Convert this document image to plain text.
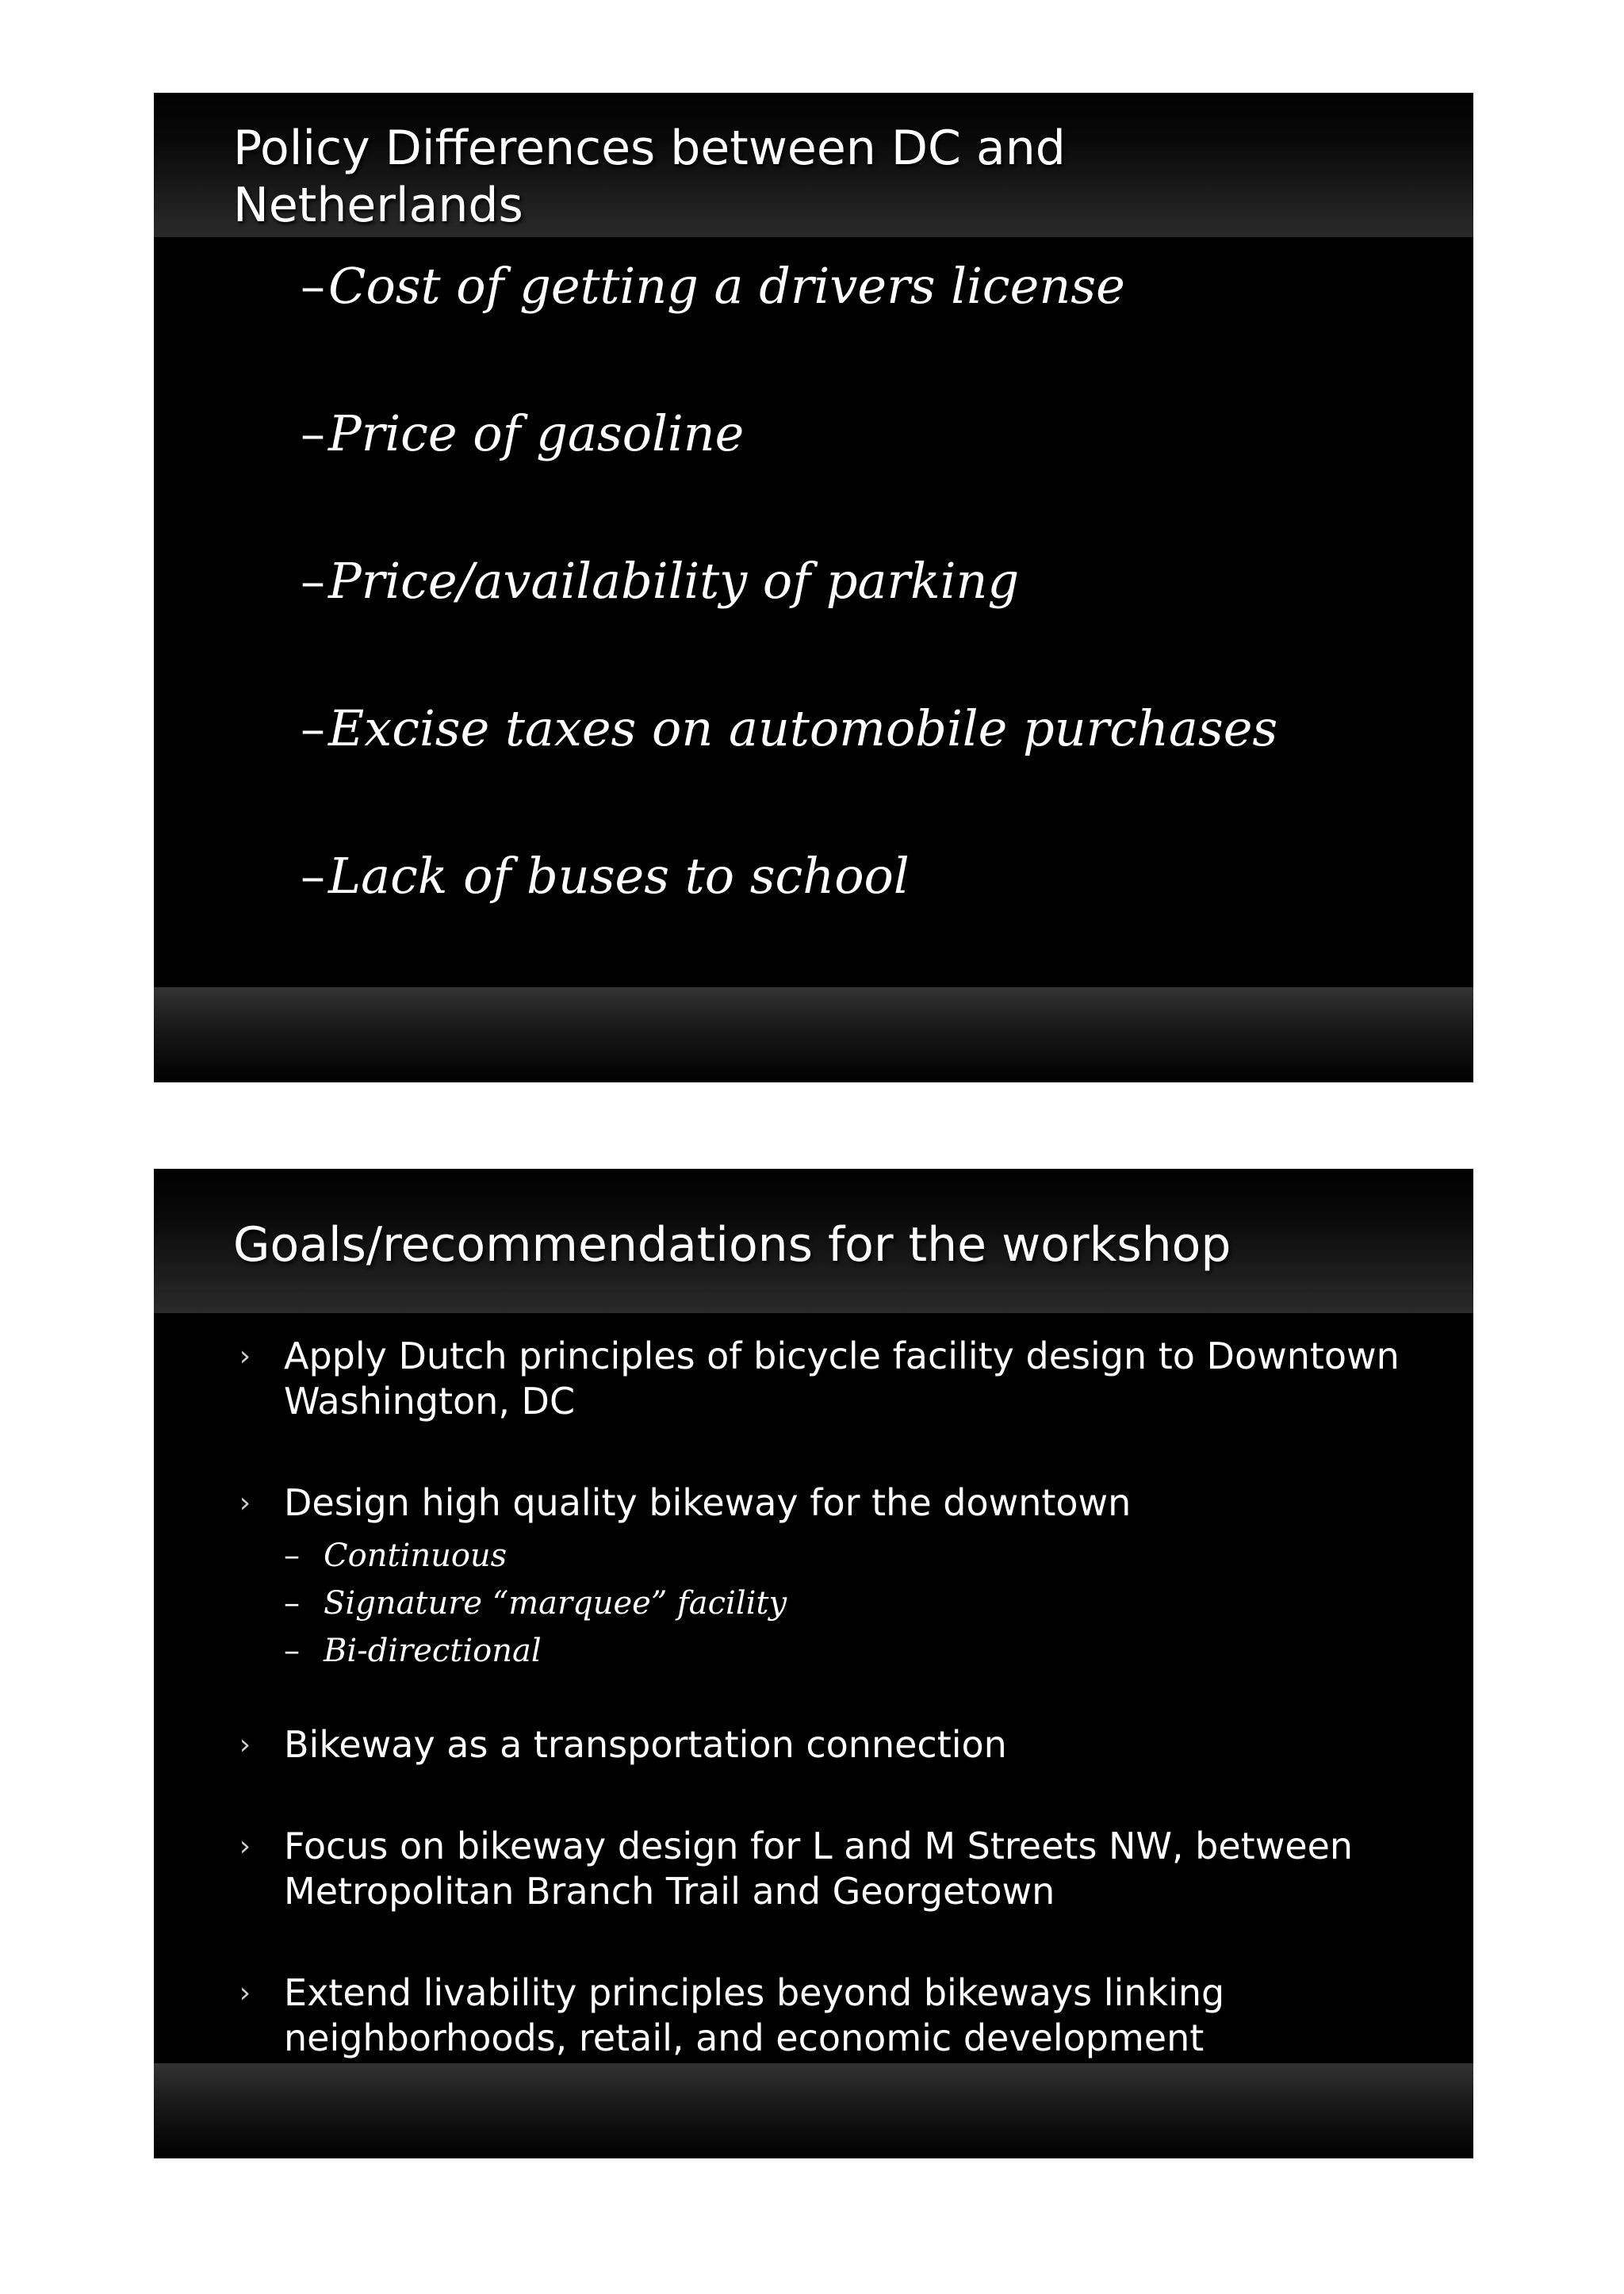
Policy Differences between DC and Netherlands
–Cost of getting a drivers license
–Price of gasoline
–Price/availability of parking
–Excise taxes on automobile purchases
–Lack of buses to school
Goals/recommendations for the workshop
› Apply Dutch principles of bicycle facility design to Downtown Washington, DC
› Design high quality bikeway for the downtown
– Continuous
– Signature “marquee” facility
– Bi-directional
› Bikeway as a transportation connection
› Focus on bikeway design for L and M Streets NW, between Metropolitan Branch Trail and Georgetown
› Extend livability principles beyond bikeways linking neighborhoods, retail, and economic development
